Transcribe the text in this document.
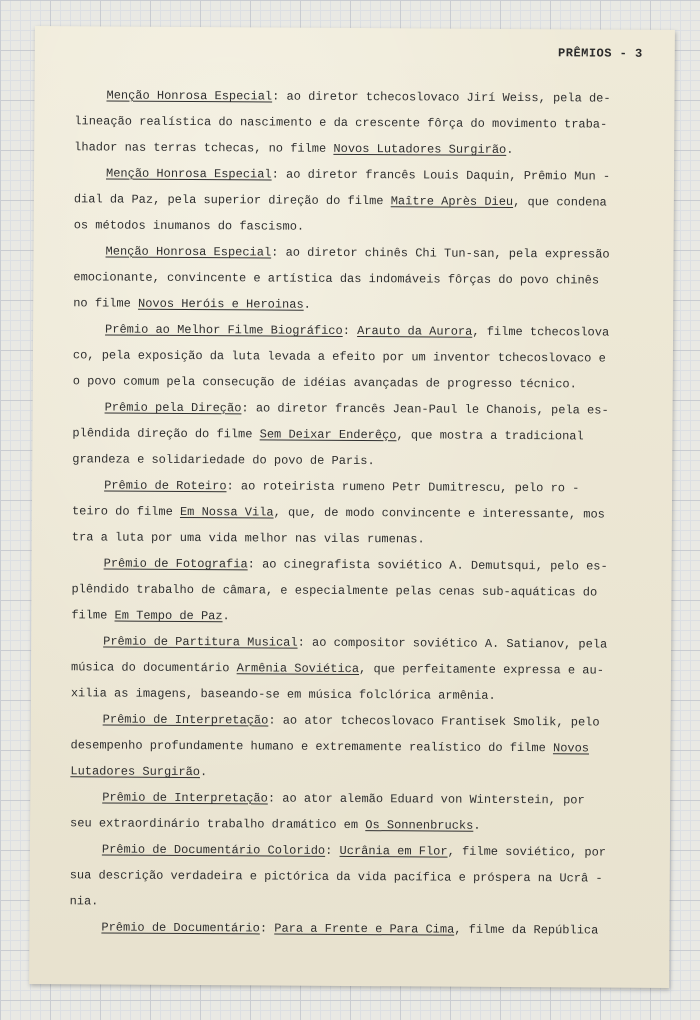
PRÊMIOS - 3
Menção Honrosa Especial: ao diretor tchecoslovaco Jirí Weiss, pela de-
lineação realística do nascimento e da crescente fôrça do movimento traba-
lhador nas terras tchecas, no filme Novos Lutadores Surgirão.
Menção Honrosa Especial: ao diretor francês Louis Daquin, Prêmio Mun -
dial da Paz, pela superior direção do filme Maître Après Dieu, que condena
os métodos inumanos do fascismo.
Menção Honrosa Especial: ao diretor chinês Chi Tun-san, pela expressão
emocionante, convincente e artística das indomáveis fôrças do povo chinês
no filme Novos Heróis e Heroinas.
Prêmio ao Melhor Filme Biográfico: Arauto da Aurora, filme tchecoslova
co, pela exposição da luta levada a efeito por um inventor tchecoslovaco e
o povo comum pela consecução de idéias avançadas de progresso técnico.
Prêmio pela Direção: ao diretor francês Jean-Paul le Chanois, pela es-
plêndida direção do filme Sem Deixar Enderêço, que mostra a tradicional
grandeza e solidariedade do povo de Paris.
Prêmio de Roteiro: ao roteirista rumeno Petr Dumitrescu, pelo ro -
teiro do filme Em Nossa Vila, que, de modo convincente e interessante, mos
tra a luta por uma vida melhor nas vilas rumenas.
Prêmio de Fotografia: ao cinegrafista soviético A. Demutsqui, pelo es-
plêndido trabalho de câmara, e especialmente pelas cenas sub-aquáticas do
filme Em Tempo de Paz.
Prêmio de Partitura Musical: ao compositor soviético A. Satianov, pela
música do documentário Armênia Soviética, que perfeitamente expressa e au-
xilia as imagens, baseando-se em música folclórica armênia.
Prêmio de Interpretação: ao ator tchecoslovaco Frantisek Smolik, pelo
desempenho profundamente humano e extremamente realístico do filme Novos
Lutadores Surgirão.
Prêmio de Interpretação: ao ator alemão Eduard von Winterstein, por
seu extraordinário trabalho dramático em Os Sonnenbrucks.
Prêmio de Documentário Colorido: Ucrânia em Flor, filme soviético, por
sua descrição verdadeira e pictórica da vida pacífica e próspera na Ucrâ -
nia.
Prêmio de Documentário: Para a Frente e Para Cima, filme da República
